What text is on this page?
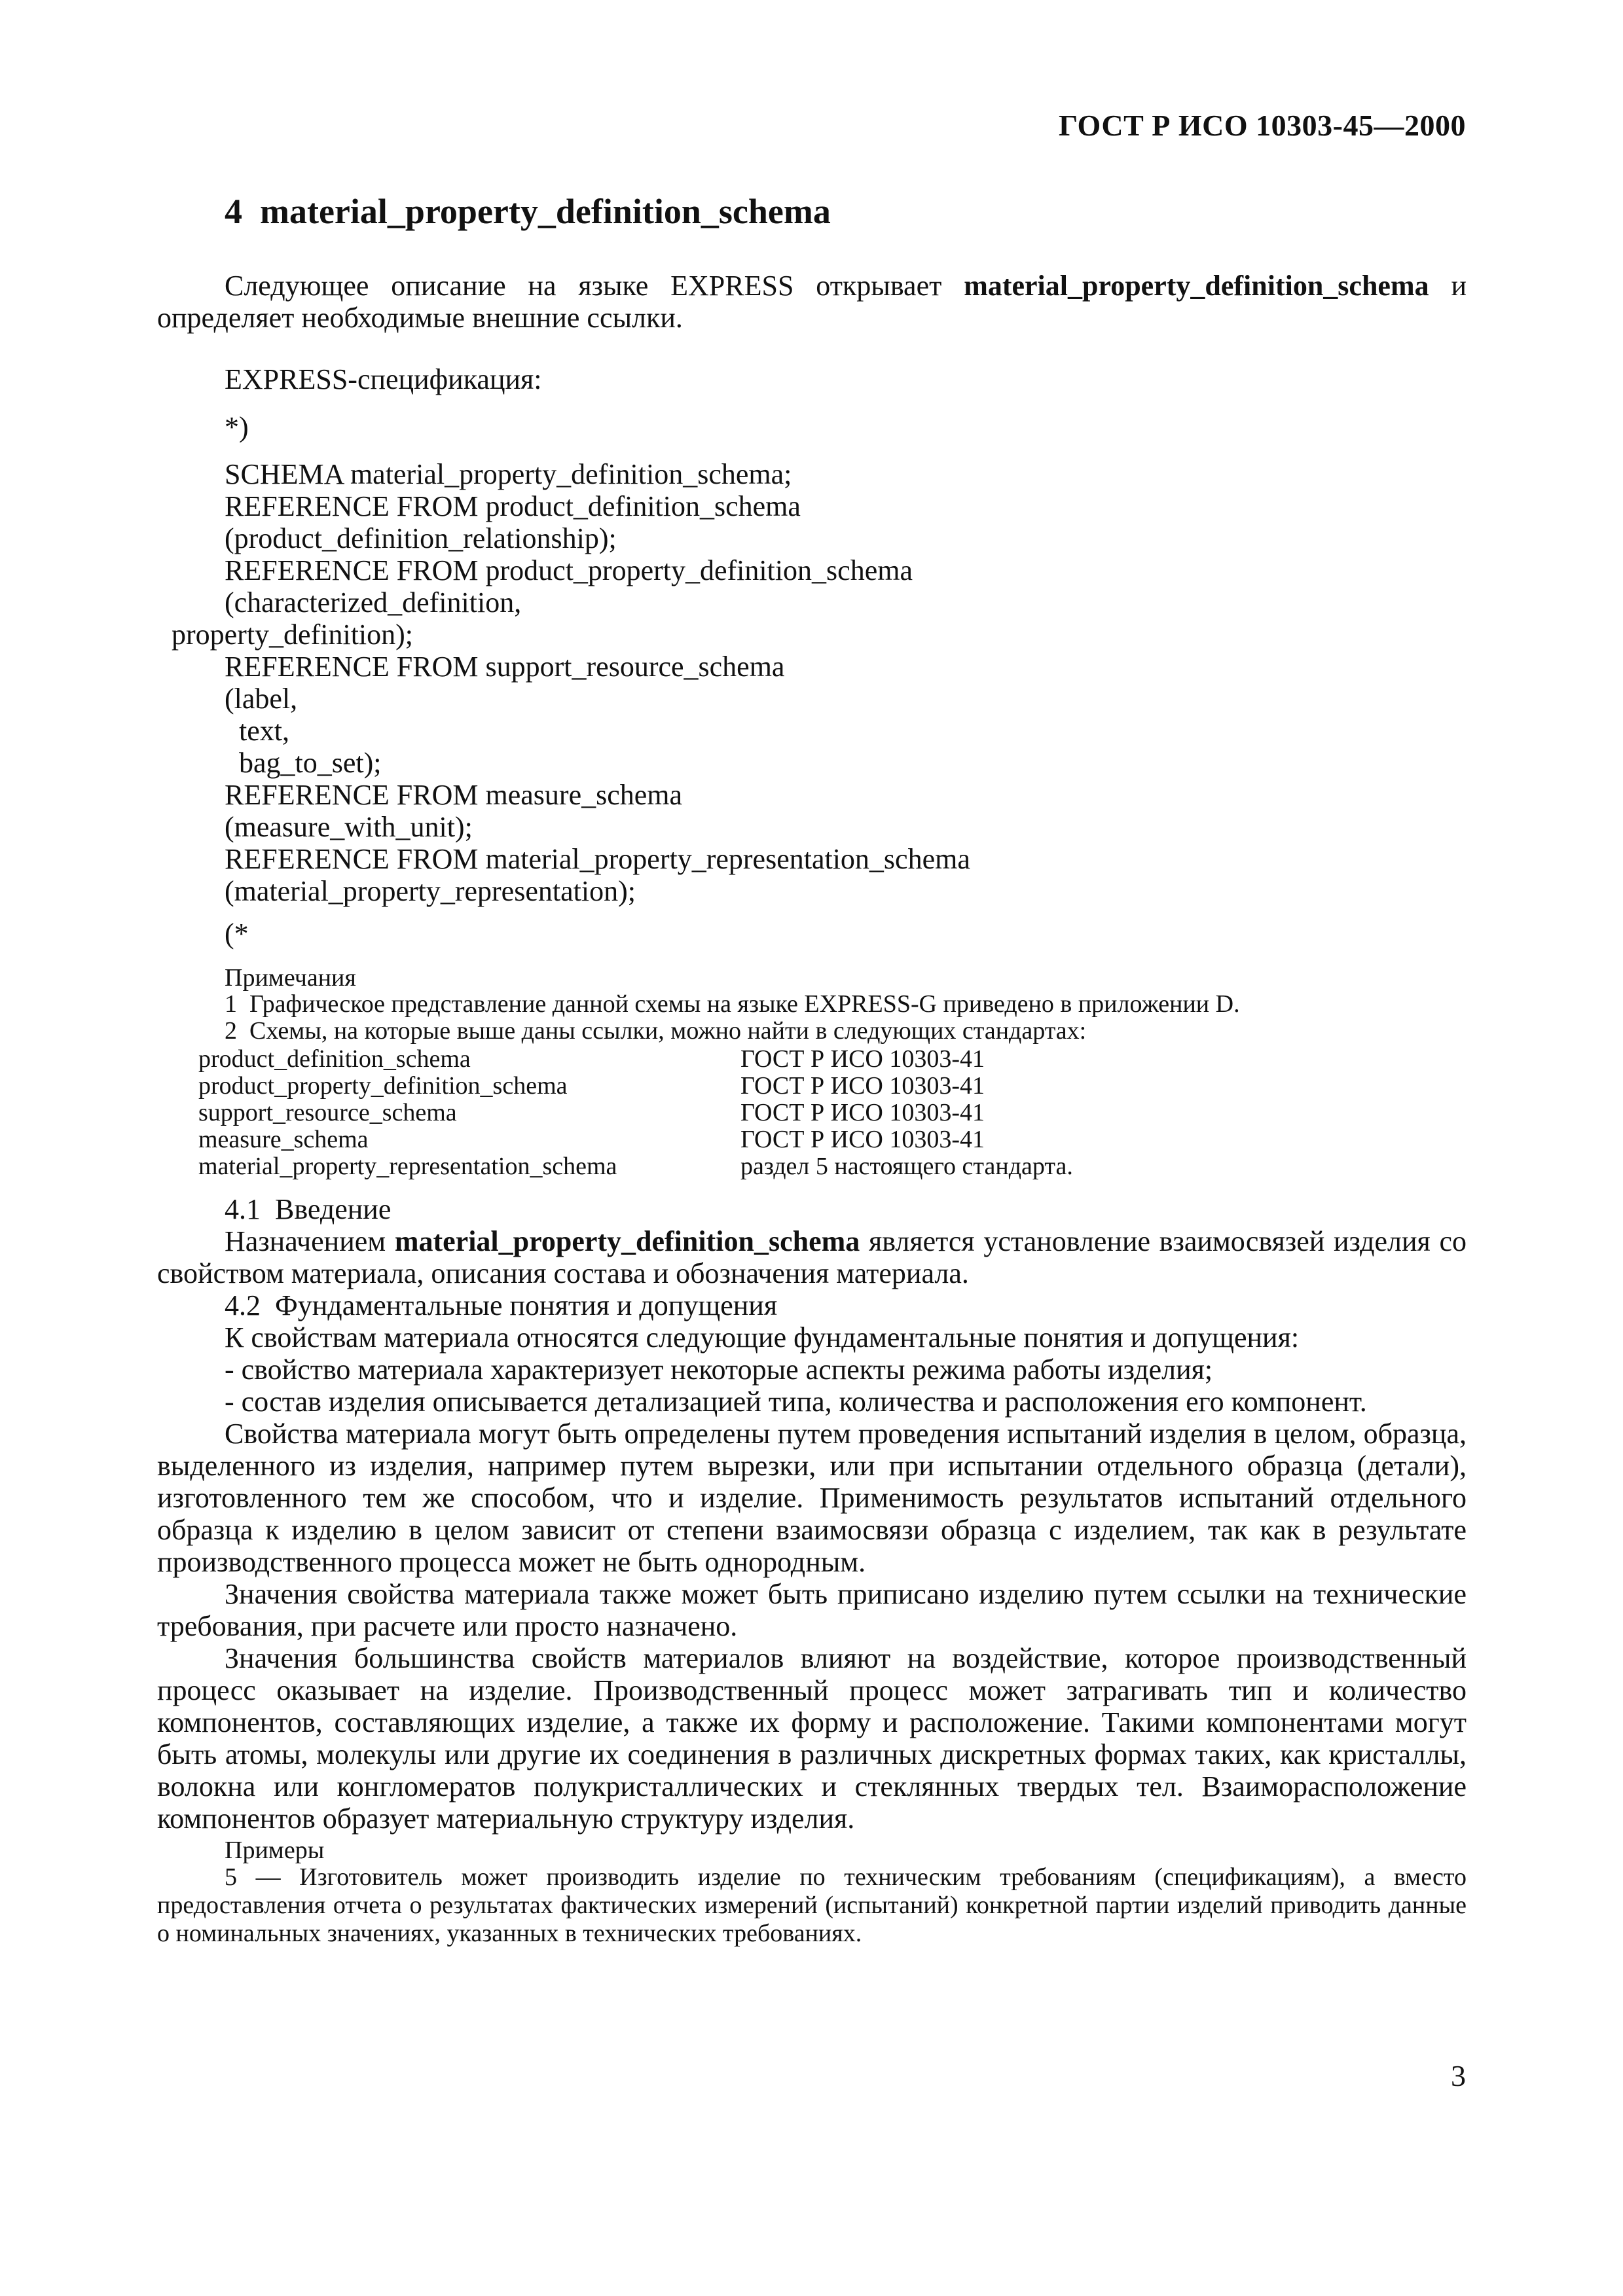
ГОСТ Р ИСО 10303-45—2000
4 material_property_definition_schema
Следующее описание на языке EXPRESS открывает material_property_definition_schema и определяет необходимые внешние ссылки.
EXPRESS-спецификация:
*)
SCHEMA material_property_definition_schema;
REFERENCE FROM product_definition_schema
(product_definition_relationship);
REFERENCE FROM product_property_definition_schema
(characterized_definition,
property_definition);
REFERENCE FROM support_resource_schema
(label,
text,
bag_to_set);
REFERENCE FROM measure_schema
(measure_with_unit);
REFERENCE FROM material_property_representation_schema
(material_property_representation);
(*
Примечания
1  Графическое представление данной схемы на языке EXPRESS-G приведено в приложении D.
2  Схемы, на которые выше даны ссылки, можно найти в следующих стандартах:
product_definition_schema	ГОСТ Р ИСО 10303-41
product_property_definition_schema	ГОСТ Р ИСО 10303-41
support_resource_schema	ГОСТ Р ИСО 10303-41
measure_schema	ГОСТ Р ИСО 10303-41
material_property_representation_schema	раздел 5 настоящего стандарта.
4.1  Введение
Назначением material_property_definition_schema является установление взаимосвязей изделия со свойством материала, описания состава и обозначения материала.
4.2  Фундаментальные понятия и допущения
К свойствам материала относятся следующие фундаментальные понятия и допущения:
- свойство материала характеризует некоторые аспекты режима работы изделия;
- состав изделия описывается детализацией типа, количества и расположения его компонент.
Свойства материала могут быть определены путем проведения испытаний изделия в целом, образца, выделенного из изделия, например путем вырезки, или при испытании отдельного образца (детали), изготовленного тем же способом, что и изделие. Применимость результатов испытаний отдельного образца к изделию в целом зависит от степени взаимосвязи образца с изделием, так как в результате производственного процесса может не быть однородным.
Значения свойства материала также может быть приписано изделию путем ссылки на технические требования, при расчете или просто назначено.
Значения большинства свойств материалов влияют на воздействие, которое производственный процесс оказывает на изделие. Производственный процесс может затрагивать тип и количество компонентов, составляющих изделие, а также их форму и расположение. Такими компонентами могут быть атомы, молекулы или другие их соединения в различных дискретных формах таких, как кристаллы, волокна или конгломератов полукристаллических и стеклянных твердых тел. Взаиморасположение компонентов образует материальную структуру изделия.
Примеры
5 — Изготовитель может производить изделие по техническим требованиям (спецификациям), а вместо предоставления отчета о результатах фактических измерений (испытаний) конкретной партии изделий приводить данные о номинальных значениях, указанных в технических требованиях.
3
